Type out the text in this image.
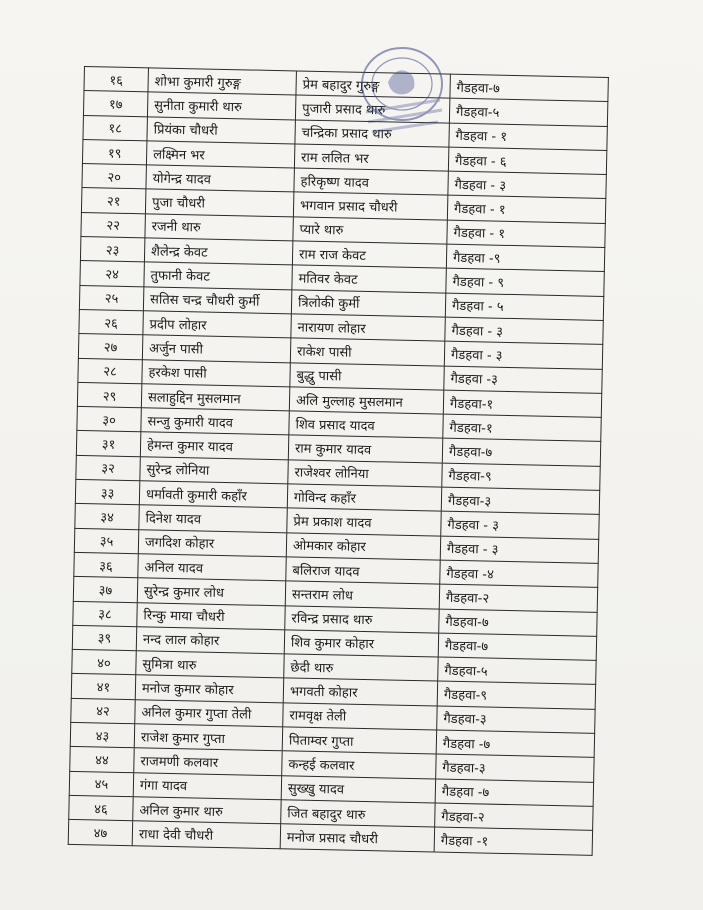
१६	शोभा कुमारी गुरुङ्ग	प्रेम बहादुर गुरुङ्ग	गैडहवा-७
१७	सुनीता कुमारी थारु	पुजारी प्रसाद थारु	गैडहवा-५
१८	प्रियंका चौधरी	चन्द्रिका प्रसाद थारु	गैडहवा - १
१९	लक्ष्मिन भर	राम ललित भर	गैडहवा - ६
२०	योगेन्द्र यादव	हरिकृष्ण यादव	गैडहवा - ३
२१	पुजा चौधरी	भगवान प्रसाद चौधरी	गैडहवा - १
२२	रजनी थारु	प्यारे थारु	गैडहवा - १
२३	शैलेन्द्र केवट	राम राज केवट	गैडहवा -९
२४	तुफानी केवट	मतिवर केवट	गैडहवा - ९
२५	सतिस चन्द्र चौधरी कुर्मी	त्रिलोकी कुर्मी	गैडहवा - ५
२६	प्रदीप लोहार	नारायण लोहार	गैडहवा - ३
२७	अर्जुन पासी	राकेश पासी	गैडहवा - ३
२८	हरकेश पासी	बुद्धु पासी	गैडहवा -३
२९	सलाहुद्दिन मुसलमान	अलि मुल्लाह मुसलमान	गैडहवा-१
३०	सन्जु कुमारी यादव	शिव प्रसाद यादव	गैडहवा-१
३१	हेमन्त कुमार यादव	राम कुमार यादव	गैडहवा-७
३२	सुरेन्द्र लोनिया	राजेश्वर लोनिया	गैडहवा-९
३३	धर्मावती कुमारी कहाँर	गोविन्द कहाँर	गैडहवा-३
३४	दिनेश यादव	प्रेम प्रकाश यादव	गैडहवा - ३
३५	जगदिश कोहार	ओमकार कोहार	गैडहवा - ३
३६	अनिल यादव	बलिराज यादव	गैडहवा -४
३७	सुरेन्द्र कुमार लोध	सन्तराम लोध	गैडहवा-२
३८	रिन्कु माया चौधरी	रविन्द्र प्रसाद थारु	गैडहवा-७
३९	नन्द लाल कोहार	शिव कुमार कोहार	गैडहवा-७
४०	सुमित्रा थारु	छेदी थारु	गैडहवा-५
४१	मनोज कुमार कोहार	भगवती कोहार	गैडहवा-९
४२	अनिल कुमार गुप्ता तेली	रामवृक्ष तेली	गैडहवा-३
४३	राजेश कुमार गुप्ता	पिताम्वर गुप्ता	गैडहवा -७
४४	राजमणी कलवार	कन्हई कलवार	गैडहवा-३
४५	गंगा यादव	सुख्खु यादव	गैडहवा -७
४६	अनिल कुमार थारु	जित बहादुर थारु	गैडहवा-२
४७	राधा देवी चौधरी	मनोज प्रसाद चौधरी	गैडहवा -१
